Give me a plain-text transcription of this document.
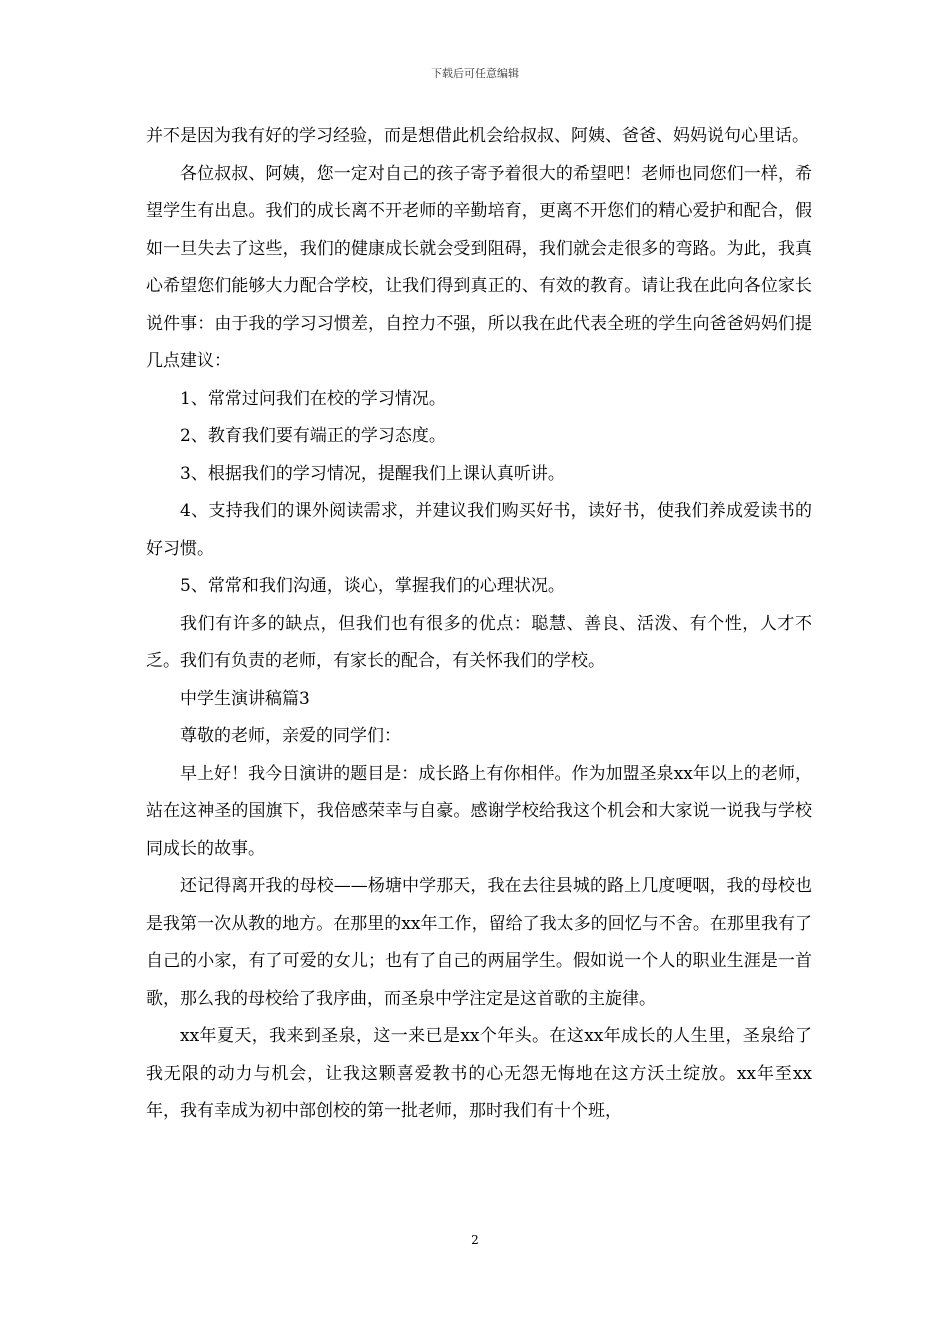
下载后可任意编辑

并不是因为我有好的学习经验，而是想借此机会给叔叔、阿姨、爸爸、妈妈说句心里话。

各位叔叔、阿姨，您一定对自己的孩子寄予着很大的希望吧！老师也同您们一样，希望学生有出息。我们的成长离不开老师的辛勤培育，更离不开您们的精心爱护和配合，假如一旦失去了这些，我们的健康成长就会受到阻碍，我们就会走很多的弯路。为此，我真心希望您们能够大力配合学校，让我们得到真正的、有效的教育。请让我在此向各位家长说件事：由于我的学习习惯差，自控力不强，所以我在此代表全班的学生向爸爸妈妈们提几点建议：

1、常常过问我们在校的学习情况。

2、教育我们要有端正的学习态度。

3、根据我们的学习情况，提醒我们上课认真听讲。

4、支持我们的课外阅读需求，并建议我们购买好书，读好书，使我们养成爱读书的好习惯。

5、常常和我们沟通，谈心，掌握我们的心理状况。

我们有许多的缺点，但我们也有很多的优点：聪慧、善良、活泼、有个性，人才不乏。我们有负责的老师，有家长的配合，有关怀我们的学校。

中学生演讲稿篇3

尊敬的老师，亲爱的同学们：

早上好！我今日演讲的题目是：成长路上有你相伴。作为加盟圣泉xx年以上的老师，站在这神圣的国旗下，我倍感荣幸与自豪。感谢学校给我这个机会和大家说一说我与学校同成长的故事。

还记得离开我的母校——杨塘中学那天，我在去往县城的路上几度哽咽，我的母校也是我第一次从教的地方。在那里的xx年工作，留给了我太多的回忆与不舍。在那里我有了自己的小家，有了可爱的女儿；也有了自己的两届学生。假如说一个人的职业生涯是一首歌，那么我的母校给了我序曲，而圣泉中学注定是这首歌的主旋律。

xx年夏天，我来到圣泉，这一来已是xx个年头。在这xx年成长的人生里，圣泉给了我无限的动力与机会，让我这颗喜爱教书的心无怨无悔地在这方沃土绽放。xx年至xx年，我有幸成为初中部创校的第一批老师，那时我们有十个班，

2
